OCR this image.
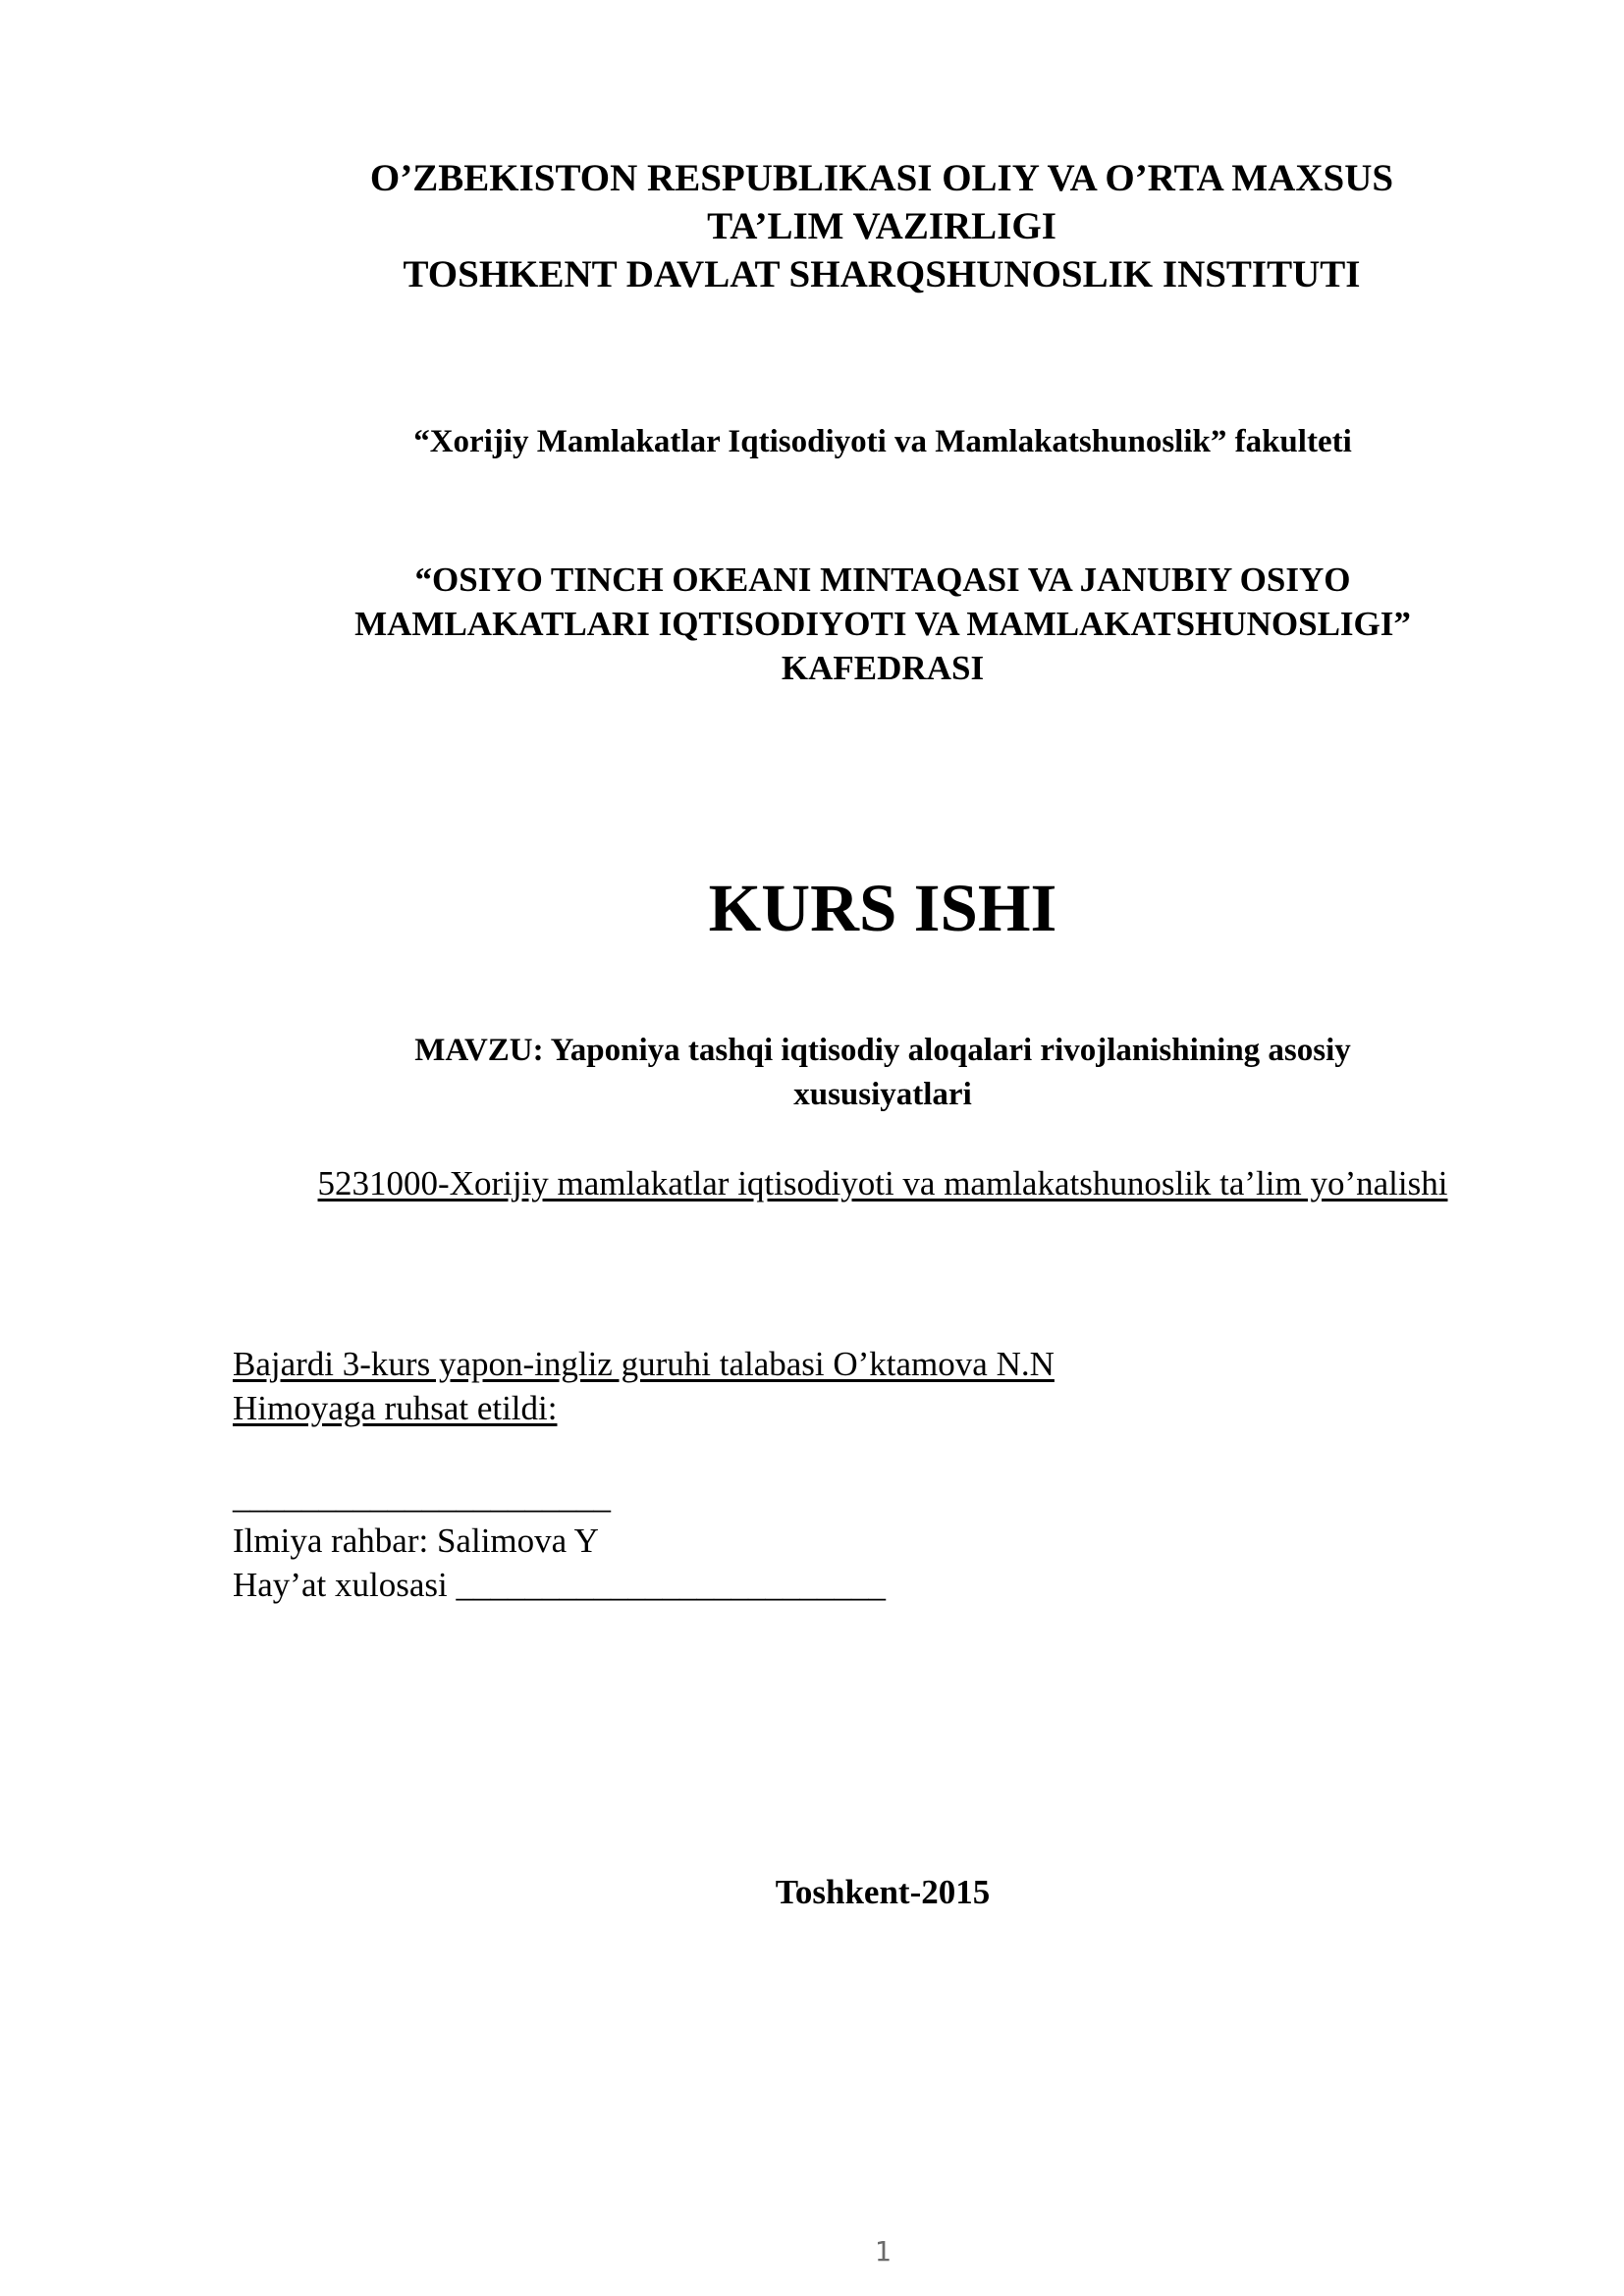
O’ZBEKISTON RESPUBLIKASI OLIY VA O’RTA MAXSUS
TA’LIM VAZIRLIGI
TOSHKENT DAVLAT SHARQSHUNOSLIK INSTITUTI
“Xorijiy Mamlakatlar Iqtisodiyoti va Mamlakatshunoslik” fakulteti
“OSIYO TINCH OKEANI MINTAQASI VA JANUBIY OSIYO
MAMLAKATLARI IQTISODIYOTI VA MAMLAKATSHUNOSLIGI”
KAFEDRASI
KURS ISHI
MAVZU: Yaponiya tashqi iqtisodiy aloqalari rivojlanishining asosiy
xususiyatlari
5231000-Xorijiy mamlakatlar iqtisodiyoti va mamlakatshunoslik ta’lim yo’nalishi
Bajardi 3-kurs yapon-ingliz guruhi talabasi O’ktamova N.N
Himoyaga ruhsat etildi:
______________________
Ilmiya rahbar: Salimova Y
Hay’at xulosasi _________________________
Toshkent-2015
1
